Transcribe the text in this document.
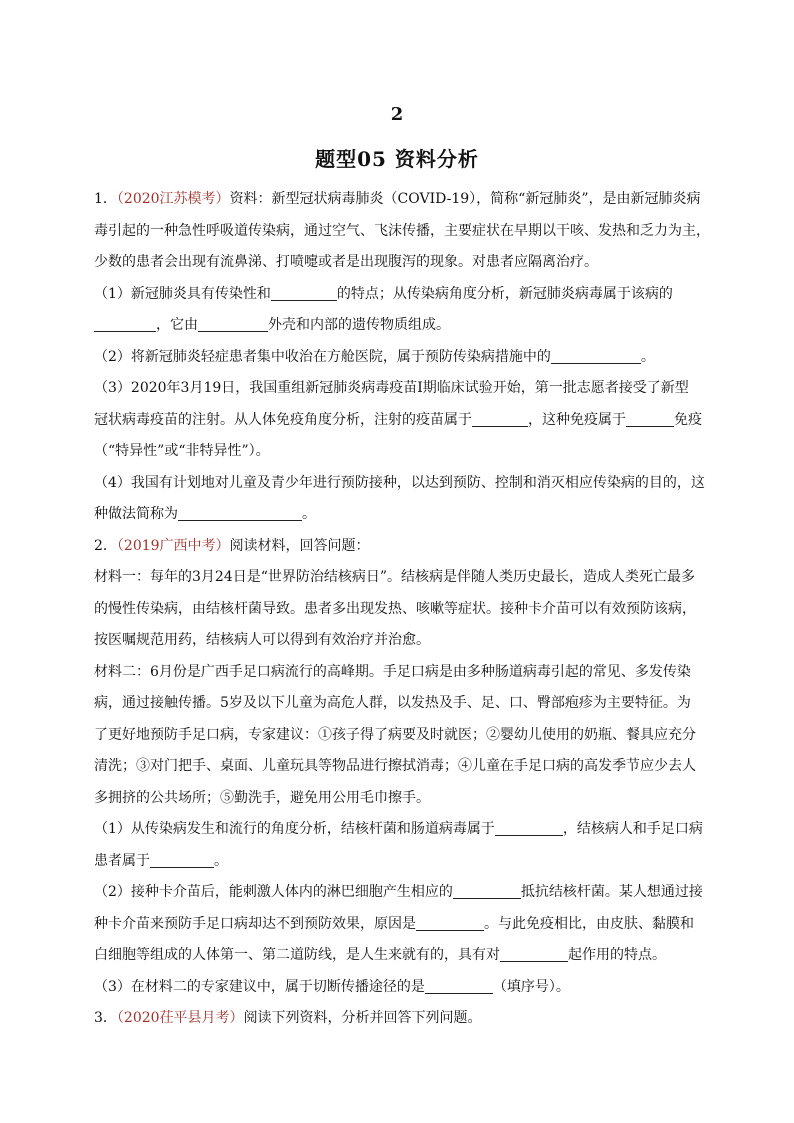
2
题型05 资料分析
1．（2020江苏模考）资料：新型冠状病毒肺炎（COVID-19），简称“新冠肺炎”，是由新冠肺炎病
毒引起的一种急性呼吸道传染病，通过空气、飞沫传播，主要症状在早期以干咳、发热和乏力为主，
少数的患者会出现有流鼻涕、打喷嚏或者是出现腹泻的现象。对患者应隔离治疗。
（1）新冠肺炎具有传染性和	的特点；从传染病角度分析，新冠肺炎病毒属于该病的
，它由	外壳和内部的遗传物质组成。
（2）将新冠肺炎轻症患者集中收治在方舱医院，属于预防传染病措施中的	。
（3）2020年3月19日，我国重组新冠肺炎病毒疫苗Ⅰ期临床试验开始，第一批志愿者接受了新型
冠状病毒疫苗的注射。从人体免疫角度分析，注射的疫苗属于	，这种免疫属于	免疫
（“特异性”或“非特异性”）。
（4）我国有计划地对儿童及青少年进行预防接种，以达到预防、控制和消灭相应传染病的目的，这
种做法简称为	。
2．（2019广西中考）阅读材料，回答问题：
材料一：每年的3月24日是“世界防治结核病日”。结核病是伴随人类历史最长，造成人类死亡最多
的慢性传染病，由结核杆菌导致。患者多出现发热、咳嗽等症状。接种卡介苗可以有效预防该病，
按医嘱规范用药，结核病人可以得到有效治疗并治愈。
材料二：6月份是广西手足口病流行的高峰期。手足口病是由多种肠道病毒引起的常见、多发传染
病，通过接触传播。5岁及以下儿童为高危人群，以发热及手、足、口、臀部疱疹为主要特征。为
了更好地预防手足口病，专家建议：①孩子得了病要及时就医；②婴幼儿使用的奶瓶、餐具应充分
清洗；③对门把手、桌面、儿童玩具等物品进行擦拭消毒；④儿童在手足口病的高发季节应少去人
多拥挤的公共场所；⑤勤洗手，避免用公用毛巾擦手。
（1）从传染病发生和流行的角度分析，结核杆菌和肠道病毒属于	，结核病人和手足口病
患者属于	。
（2）接种卡介苗后，能刺激人体内的淋巴细胞产生相应的	抵抗结核杆菌。某人想通过接
种卡介苗来预防手足口病却达不到预防效果，原因是	。与此免疫相比，由皮肤、黏膜和
白细胞等组成的人体第一、第二道防线，是人生来就有的，具有对	起作用的特点。
（3）在材料二的专家建议中，属于切断传播途径的是	（填序号）。
3．（2020茌平县月考）阅读下列资料，分析并回答下列问题。
